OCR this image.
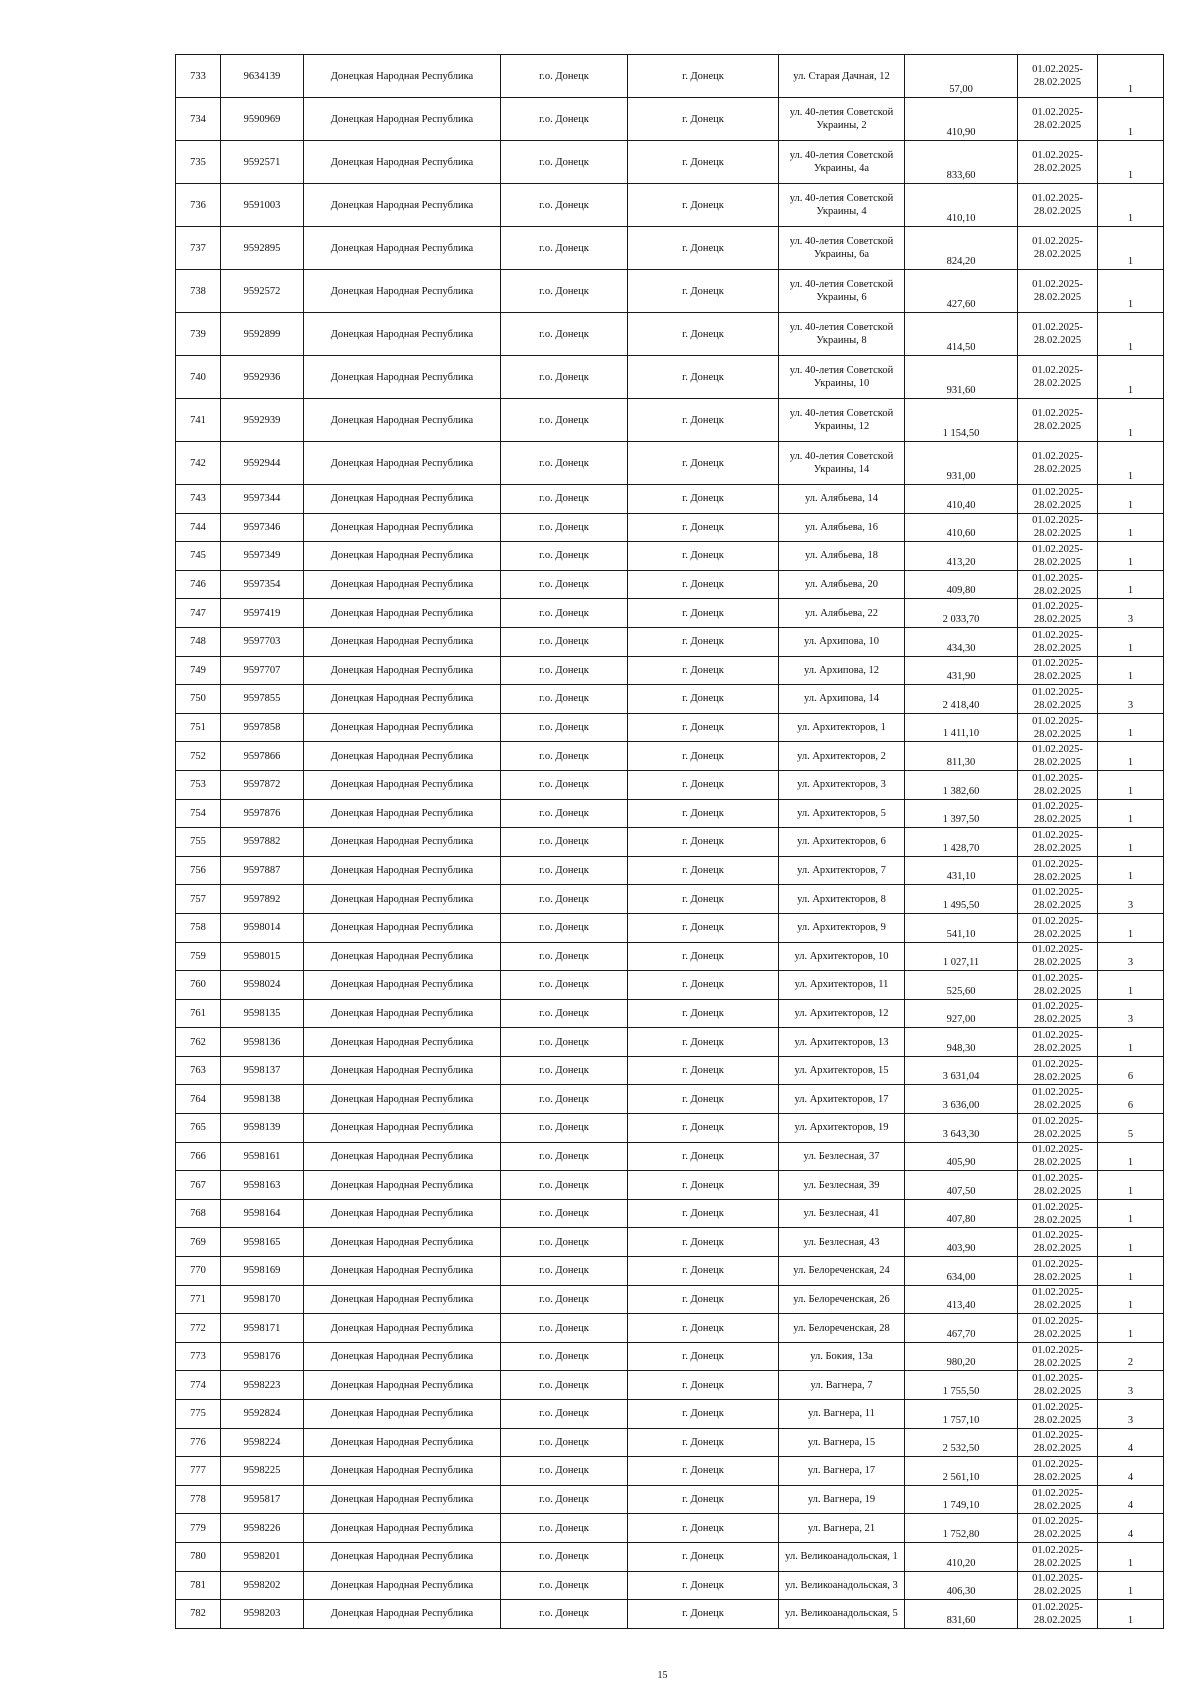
733	9634139	Донецкая Народная Республика	г.о. Донецк	г. Донецк	ул. Старая Дачная, 12	57,00	01.02.2025-28.02.2025	1
734	9590969	Донецкая Народная Республика	г.о. Донецк	г. Донецк	ул. 40-летия Советской Украины, 2	410,90	01.02.2025-28.02.2025	1
735	9592571	Донецкая Народная Республика	г.о. Донецк	г. Донецк	ул. 40-летия Советской Украины, 4а	833,60	01.02.2025-28.02.2025	1
736	9591003	Донецкая Народная Республика	г.о. Донецк	г. Донецк	ул. 40-летия Советской Украины, 4	410,10	01.02.2025-28.02.2025	1
737	9592895	Донецкая Народная Республика	г.о. Донецк	г. Донецк	ул. 40-летия Советской Украины, 6а	824,20	01.02.2025-28.02.2025	1
738	9592572	Донецкая Народная Республика	г.о. Донецк	г. Донецк	ул. 40-летия Советской Украины, 6	427,60	01.02.2025-28.02.2025	1
739	9592899	Донецкая Народная Республика	г.о. Донецк	г. Донецк	ул. 40-летия Советской Украины, 8	414,50	01.02.2025-28.02.2025	1
740	9592936	Донецкая Народная Республика	г.о. Донецк	г. Донецк	ул. 40-летия Советской Украины, 10	931,60	01.02.2025-28.02.2025	1
741	9592939	Донецкая Народная Республика	г.о. Донецк	г. Донецк	ул. 40-летия Советской Украины, 12	1 154,50	01.02.2025-28.02.2025	1
742	9592944	Донецкая Народная Республика	г.о. Донецк	г. Донецк	ул. 40-летия Советской Украины, 14	931,00	01.02.2025-28.02.2025	1
743	9597344	Донецкая Народная Республика	г.о. Донецк	г. Донецк	ул. Алябьева, 14	410,40	01.02.2025-28.02.2025	1
744	9597346	Донецкая Народная Республика	г.о. Донецк	г. Донецк	ул. Алябьева, 16	410,60	01.02.2025-28.02.2025	1
745	9597349	Донецкая Народная Республика	г.о. Донецк	г. Донецк	ул. Алябьева, 18	413,20	01.02.2025-28.02.2025	1
746	9597354	Донецкая Народная Республика	г.о. Донецк	г. Донецк	ул. Алябьева, 20	409,80	01.02.2025-28.02.2025	1
747	9597419	Донецкая Народная Республика	г.о. Донецк	г. Донецк	ул. Алябьева, 22	2 033,70	01.02.2025-28.02.2025	3
748	9597703	Донецкая Народная Республика	г.о. Донецк	г. Донецк	ул. Архипова, 10	434,30	01.02.2025-28.02.2025	1
749	9597707	Донецкая Народная Республика	г.о. Донецк	г. Донецк	ул. Архипова, 12	431,90	01.02.2025-28.02.2025	1
750	9597855	Донецкая Народная Республика	г.о. Донецк	г. Донецк	ул. Архипова, 14	2 418,40	01.02.2025-28.02.2025	3
751	9597858	Донецкая Народная Республика	г.о. Донецк	г. Донецк	ул. Архитекторов, 1	1 411,10	01.02.2025-28.02.2025	1
752	9597866	Донецкая Народная Республика	г.о. Донецк	г. Донецк	ул. Архитекторов, 2	811,30	01.02.2025-28.02.2025	1
753	9597872	Донецкая Народная Республика	г.о. Донецк	г. Донецк	ул. Архитекторов, 3	1 382,60	01.02.2025-28.02.2025	1
754	9597876	Донецкая Народная Республика	г.о. Донецк	г. Донецк	ул. Архитекторов, 5	1 397,50	01.02.2025-28.02.2025	1
755	9597882	Донецкая Народная Республика	г.о. Донецк	г. Донецк	ул. Архитекторов, 6	1 428,70	01.02.2025-28.02.2025	1
756	9597887	Донецкая Народная Республика	г.о. Донецк	г. Донецк	ул. Архитекторов, 7	431,10	01.02.2025-28.02.2025	1
757	9597892	Донецкая Народная Республика	г.о. Донецк	г. Донецк	ул. Архитекторов, 8	1 495,50	01.02.2025-28.02.2025	3
758	9598014	Донецкая Народная Республика	г.о. Донецк	г. Донецк	ул. Архитекторов, 9	541,10	01.02.2025-28.02.2025	1
759	9598015	Донецкая Народная Республика	г.о. Донецк	г. Донецк	ул. Архитекторов, 10	1 027,11	01.02.2025-28.02.2025	3
760	9598024	Донецкая Народная Республика	г.о. Донецк	г. Донецк	ул. Архитекторов, 11	525,60	01.02.2025-28.02.2025	1
761	9598135	Донецкая Народная Республика	г.о. Донецк	г. Донецк	ул. Архитекторов, 12	927,00	01.02.2025-28.02.2025	3
762	9598136	Донецкая Народная Республика	г.о. Донецк	г. Донецк	ул. Архитекторов, 13	948,30	01.02.2025-28.02.2025	1
763	9598137	Донецкая Народная Республика	г.о. Донецк	г. Донецк	ул. Архитекторов, 15	3 631,04	01.02.2025-28.02.2025	6
764	9598138	Донецкая Народная Республика	г.о. Донецк	г. Донецк	ул. Архитекторов, 17	3 636,00	01.02.2025-28.02.2025	6
765	9598139	Донецкая Народная Республика	г.о. Донецк	г. Донецк	ул. Архитекторов, 19	3 643,30	01.02.2025-28.02.2025	5
766	9598161	Донецкая Народная Республика	г.о. Донецк	г. Донецк	ул. Безлесная, 37	405,90	01.02.2025-28.02.2025	1
767	9598163	Донецкая Народная Республика	г.о. Донецк	г. Донецк	ул. Безлесная, 39	407,50	01.02.2025-28.02.2025	1
768	9598164	Донецкая Народная Республика	г.о. Донецк	г. Донецк	ул. Безлесная, 41	407,80	01.02.2025-28.02.2025	1
769	9598165	Донецкая Народная Республика	г.о. Донецк	г. Донецк	ул. Безлесная, 43	403,90	01.02.2025-28.02.2025	1
770	9598169	Донецкая Народная Республика	г.о. Донецк	г. Донецк	ул. Белореченская, 24	634,00	01.02.2025-28.02.2025	1
771	9598170	Донецкая Народная Республика	г.о. Донецк	г. Донецк	ул. Белореченская, 26	413,40	01.02.2025-28.02.2025	1
772	9598171	Донецкая Народная Республика	г.о. Донецк	г. Донецк	ул. Белореченская, 28	467,70	01.02.2025-28.02.2025	1
773	9598176	Донецкая Народная Республика	г.о. Донецк	г. Донецк	ул. Бокия, 13а	980,20	01.02.2025-28.02.2025	2
774	9598223	Донецкая Народная Республика	г.о. Донецк	г. Донецк	ул. Вагнера, 7	1 755,50	01.02.2025-28.02.2025	3
775	9592824	Донецкая Народная Республика	г.о. Донецк	г. Донецк	ул. Вагнера, 11	1 757,10	01.02.2025-28.02.2025	3
776	9598224	Донецкая Народная Республика	г.о. Донецк	г. Донецк	ул. Вагнера, 15	2 532,50	01.02.2025-28.02.2025	4
777	9598225	Донецкая Народная Республика	г.о. Донецк	г. Донецк	ул. Вагнера, 17	2 561,10	01.02.2025-28.02.2025	4
778	9595817	Донецкая Народная Республика	г.о. Донецк	г. Донецк	ул. Вагнера, 19	1 749,10	01.02.2025-28.02.2025	4
779	9598226	Донецкая Народная Республика	г.о. Донецк	г. Донецк	ул. Вагнера, 21	1 752,80	01.02.2025-28.02.2025	4
780	9598201	Донецкая Народная Республика	г.о. Донецк	г. Донецк	ул. Великоанадольская, 1	410,20	01.02.2025-28.02.2025	1
781	9598202	Донецкая Народная Республика	г.о. Донецк	г. Донецк	ул. Великоанадольская, 3	406,30	01.02.2025-28.02.2025	1
782	9598203	Донецкая Народная Республика	г.о. Донецк	г. Донецк	ул. Великоанадольская, 5	831,60	01.02.2025-28.02.2025	1
15
